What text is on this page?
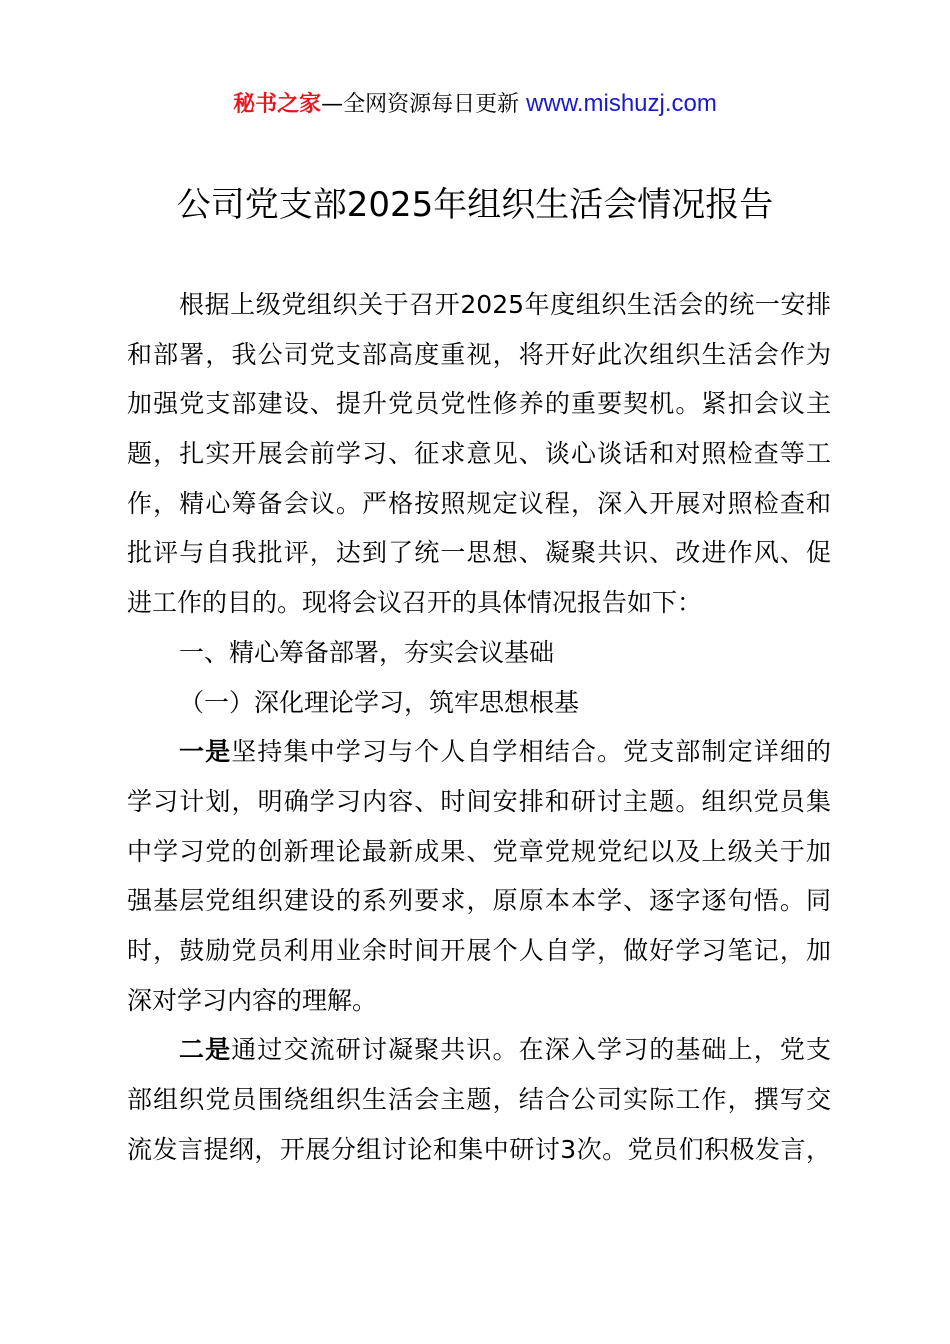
秘书之家—全网资源每日更新 www.mishuzj.com
公司党支部2025年组织生活会情况报告
根据上级党组织关于召开2025年度组织生活会的统一安排
和部署，我公司党支部高度重视，将开好此次组织生活会作为
加强党支部建设、提升党员党性修养的重要契机。紧扣会议主
题，扎实开展会前学习、征求意见、谈心谈话和对照检查等工
作，精心筹备会议。严格按照规定议程，深入开展对照检查和
批评与自我批评，达到了统一思想、凝聚共识、改进作风、促
进工作的目的。现将会议召开的具体情况报告如下：
一、精心筹备部署，夯实会议基础
（一）深化理论学习，筑牢思想根基
一是坚持集中学习与个人自学相结合。党支部制定详细的
学习计划，明确学习内容、时间安排和研讨主题。组织党员集
中学习党的创新理论最新成果、党章党规党纪以及上级关于加
强基层党组织建设的系列要求，原原本本学、逐字逐句悟。同
时，鼓励党员利用业余时间开展个人自学，做好学习笔记，加
深对学习内容的理解。
二是通过交流研讨凝聚共识。在深入学习的基础上，党支
部组织党员围绕组织生活会主题，结合公司实际工作，撰写交
流发言提纲，开展分组讨论和集中研讨3次。党员们积极发言，
